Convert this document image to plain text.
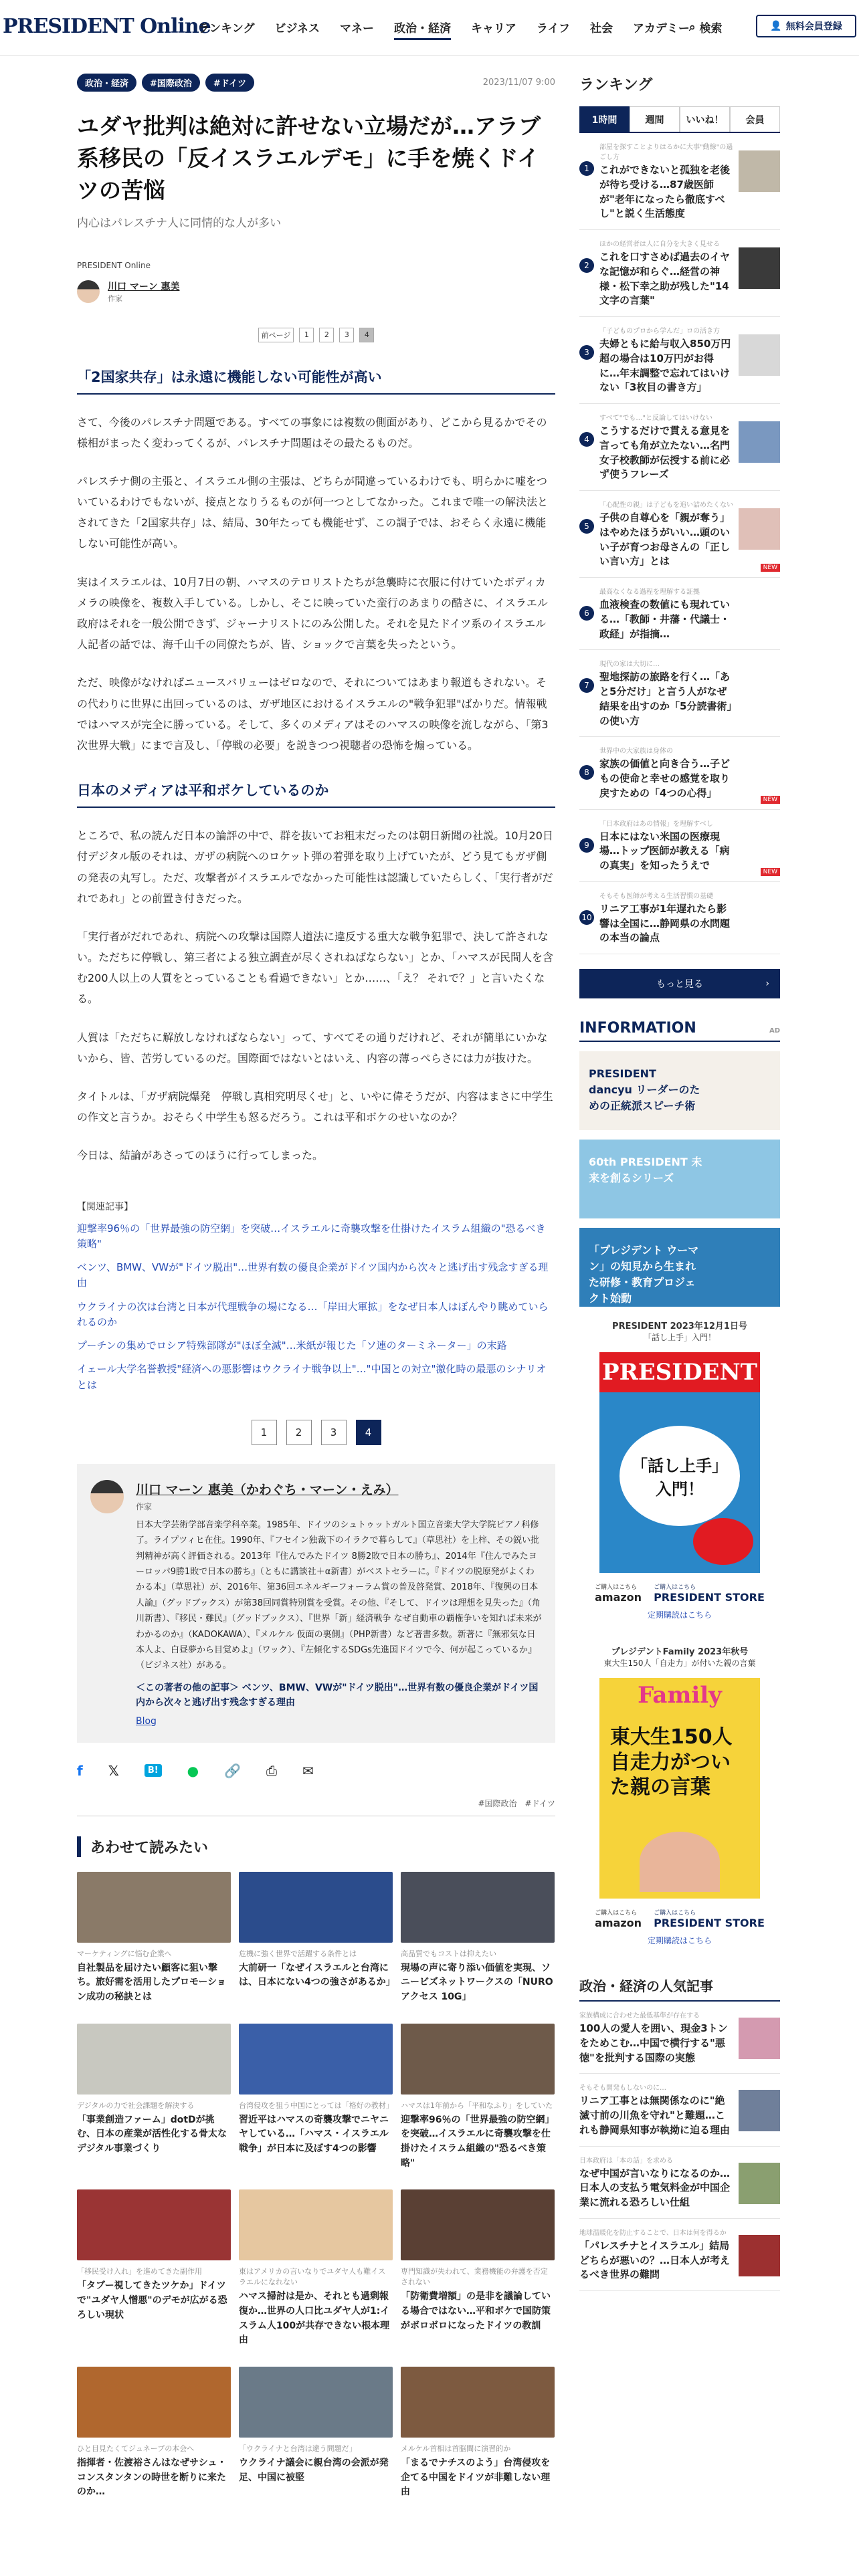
PRESIDENT Online
ランキング ビジネス マネー 政治・経済 キャリア ライフ 社会 アカデミー ⌕ 検索	👤 無料会員登録
政治・経済 #国際政治 #ドイツ	2023/11/07 9:00
ユダヤ批判は絶対に許せない立場だが…アラブ系移民の「反イスラエルデモ」に手を焼くドイツの苦悩
内心はパレスチナ人に同情的な人が多い
PRESIDENT Online
川口 マーン 惠美
作家
前ページ	1	2	3	4
「2国家共存」は永遠に機能しない可能性が高い

さて、今後のパレスチナ問題である。すべての事象には複数の側面があり、どこから見るかでその様相がまったく変わってくるが、パレスチナ問題はその最たるものだ。

パレスチナ側の主張と、イスラエル側の主張は、どちらが間違っているわけでも、明らかに嘘をついているわけでもないが、接点となりうるものが何一つとしてなかった。これまで唯一の解決法とされてきた「2国家共存」は、結局、30年たっても機能せず、この調子では、おそらく永遠に機能しない可能性が高い。

実はイスラエルは、10月7日の朝、ハマスのテロリストたちが急襲時に衣服に付けていたボディカメラの映像を、複数入手している。しかし、そこに映っていた蛮行のあまりの酷さに、イスラエル政府はそれを一般公開できず、ジャーナリストにのみ公開した。それを見たドイツ系のイスラエル人記者の話では、海千山千の同僚たちが、皆、ショックで言葉を失ったという。

ただ、映像がなければニュースバリューはゼロなので、それについてはあまり報道もされない。その代わりに世界に出回っているのは、ガザ地区におけるイスラエルの"戦争犯罪"ばかりだ。情報戦ではハマスが完全に勝っている。そして、多くのメディアはそのハマスの映像を流しながら、「第3次世界大戦」にまで言及し、「停戦の必要」を説きつつ視聴者の恐怖を煽っている。

日本のメディアは平和ボケしているのか

ところで、私の読んだ日本の論評の中で、群を抜いてお粗末だったのは朝日新聞の社説。10月20日付デジタル版のそれは、ガザの病院へのロケット弾の着弾を取り上げていたが、どう見てもガザ側の発表の丸写し。ただ、攻撃者がイスラエルでなかった可能性は認識していたらしく、「実行者がだれであれ」との前置き付きだった。

「実行者がだれであれ、病院への攻撃は国際人道法に違反する重大な戦争犯罪で、決して許されない。ただちに停戦し、第三者による独立調査が尽くされねばならない」とか、「ハマスが民間人を含む200人以上の人質をとっていることも看過できない」とか……、「え？ それで？」と言いたくなる。

人質は「ただちに解放しなければならない」って、すべてその通りだけれど、それが簡単にいかないから、皆、苦労しているのだ。国際面ではないとはいえ、内容の薄っぺらさには力が抜けた。

タイトルは、「ガザ病院爆発　停戦し真相究明尽くせ」と、いやに偉そうだが、内容はまさに中学生の作文と言うか。おそらく中学生も怒るだろう。これは平和ボケのせいなのか？

今日は、結論があさってのほうに行ってしまった。

【関連記事】
迎撃率96％の「世界最強の防空網」を突破…イスラエルに奇襲攻撃を仕掛けたイスラム組織の"恐るべき策略"
ベンツ、BMW、VWが"ドイツ脱出"…世界有数の優良企業がドイツ国内から次々と逃げ出す残念すぎる理由
ウクライナの次は台湾と日本が代理戦争の場になる…「岸田大軍拡」をなぜ日本人はぼんやり眺めていられるのか
プーチンの集めでロシア特殊部隊が"ほぼ全滅"…米紙が報じた「ソ連のターミネーター」の末路
イェール大学名誉教授"経済への悪影響はウクライナ戦争以上"…"中国との対立"激化時の最悪のシナリオとは
1	2	3	4
川口 マーン 惠美（かわぐち・マーン・えみ）
作家
日本大学芸術学部音楽学科卒業。1985年、ドイツのシュトゥットガルト国立音楽大学大学院ピアノ科修了。ライプツィヒ在住。1990年、『フセイン独裁下のイラクで暮らして』（草思社）を上梓、その鋭い批判精神が高く評価される。2013年『住んでみたドイツ 8勝2敗で日本の勝ち』、2014年『住んでみたヨーロッパ9勝1敗で日本の勝ち』（ともに講談社＋α新書）がベストセラーに。『ドイツの脱原発がよくわかる本』（草思社）が、2016年、第36回エネルギーフォーラム賞の普及啓発賞、2018年、『復興の日本人論』（グッドブックス）が第38回同賞特別賞を受賞。その他、『そして、ドイツは理想を見失った』（角川新書）、『移民・難民』（グッドブックス）、『世界「新」経済戦争 なぜ自動車の覇権争いを知れば未来がわかるのか』（KADOKAWA）、『メルケル 仮面の裏側』（PHP新書）など著書多数。新著に『無邪気な日本人よ、白昼夢から目覚めよ』（ワック）、『左傾化するSDGs先進国ドイツで今、何が起こっているか』（ビジネス社）がある。
＜この著者の他の記事＞ ベンツ、BMW、VWが"ドイツ脱出"…世界有数の優良企業がドイツ国内から次々と逃げ出す残念すぎる理由
Blog
f 𝕏	B! ● 🔗 ⎙ ✉
#国際政治　#ドイツ
あわせて読みたい
マーケティングに悩む企業へ
自社製品を届けたい顧客に狙い撃ち。旅好需を活用したプロモーション成功の秘訣とは
危機に強く世界で活躍する条件とは
大前研一「なぜイスラエルと台湾には、日本にない4つの強さがあるか」
高品質でもコストは抑えたい
現場の声に寄り添い価値を実現、ソニービズネットワークスの「NUROアクセス 10G」
デジタルの力で社会課題を解決する
「事業創造ファーム」dotDが挑む、日本の産業が活性化する骨太なデジタル事業づくり
台湾侵攻を狙う中国にとっては「格好の教材」
習近平はハマスの奇襲攻撃でニヤニヤしている…「ハマス・イスラエル戦争」が日本に及ぼす4つの影響
ハマスは1年前から「平和なふり」をしていた
迎撃率96％の「世界最強の防空網」を突破…イスラエルに奇襲攻撃を仕掛けたイスラム組織の"恐るべき策略"
「移民受け入れ」を進めてきた副作用
「タブー視してきたツケか」ドイツで"ユダヤ人憎悪"のデモが広がる恐ろしい現状
東はアメリカの言いなりでユダヤ人も難イスラエルになれない
ハマス掃討は是か、それとも過剰報復か…世界の人口比ユダヤ人が1:イスラム人100が共存できない根本理由
専門知識が失われて、業務機能の弁護を否定されない
「防衛費増額」の是非を議論している場合ではない…平和ボケで国防策がボロボロになったドイツの教訓
ひと目見たくてジュネーブの本会へ
指揮者・佐渡裕さんはなぜサシュ・コンスタンタンの時世を断りに来たのか…
「ウクライナと台湾は違う問題だ」
ウクライナ議会に親台湾の会派が発足、中国に被堅
メルケル首相は首脳間に演習的か
「まるでナチスのよう」台湾侵攻を企てる中国をドイツが非難しない理由
ランキング
1時間	週間	いいね！	会員
1
部屋を探すことよりはるかに大事"動線"の過ごし方
これができないと孤独を老後が待ち受ける…87歳医師が"老年になったら徹底すべし"と説く生活態度
2
ほかの経営者は人に自分を大きく見せる
これを口すさめば過去のイヤな記憶が和らぐ…経営の神様・松下幸之助が残した"14文字の言葉"
3
「子どものプロから学んだ」ロの活き方
夫婦ともに給与収入850万円超の場合は10万円がお得に…年末調整で忘れてはいけない「3枚目の書き方」
4
すべて"でも…"と反論してはいけない
こうするだけで貫える意見を言っても角が立たない…名門女子校教師が伝授する前に必ず使うフレーズ
5
「心配性の親」は子どもを追い詰めたくない
子供の自尊心を「親が奪う」はやめたほうがいい…頭のいい子が育つお母さんの「正しい言い方」とは
NEW
6
最高なくなる過程を理解する証拠
血液検査の数値にも現れている…「教師・井藩・代議士・政経」が指摘…
7
現代の家は大切に…
聖地探訪の旅路を行く…「あと5分だけ」と言う人がなぜ結果を出すのか「5分読書術」の使い方
8
世界中の大家族は身体の
家族の価値と向き合う…子どもの使命と幸せの感覚を取り戻すための「4つの心得」
NEW
9
「日本政府はあの情報」を理解すべし
日本にはない米国の医療現場…トップ医師が教える「病の真実」を知ったうえで
NEW
10
そもそも医師が考える生活習慣の基礎
リニア工事が1年遅れたら影響は全国に…静岡県の水問題の本当の論点
もっと見る	›
INFORMATION	AD
PRESIDENT dancyu リーダーのための正統派スピーチ術
60th PRESIDENT 未来を創るシリーズ
「プレジデント ウーマン」の知見から生まれた研修・教育プロジェクト始動
PRESIDENT 2023年12月1日号
「話し上手」入門！
PRESIDENT
「話し上手」入門！
ご購入はこちら
amazon
ご購入はこちら
PRESIDENT STORE
定期購読はこちら
プレジデントFamily 2023年秋号
東大生150人「自走力」が付いた親の言葉
Family
東大生150人自走力がついた親の言葉
ご購入はこちら
amazon
ご購入はこちら
PRESIDENT STORE
定期購読はこちら
政治・経済の人気記事
家族構成に合わせた最低基準が存在する
100人の愛人を囲い、現金3トンをためこむ…中国で横行する"悪徳"を批判する国際の実態
そもそも開発もしないのに…
リニア工事とは無関係なのに"絶滅寸前の川魚を守れ"と難題…これも静岡県知事が執拗に迫る理由
日本政府は「本の話」を求める
なぜ中国が言いなりになるのか…日本人の支払う電気料金が中国企業に流れる恐ろしい仕組
地球温暖化を防止することで、日本は何を得るか
「パレスチナとイスラエル」結局どちらが悪いの？…日本人が考えるべき世界の難問
